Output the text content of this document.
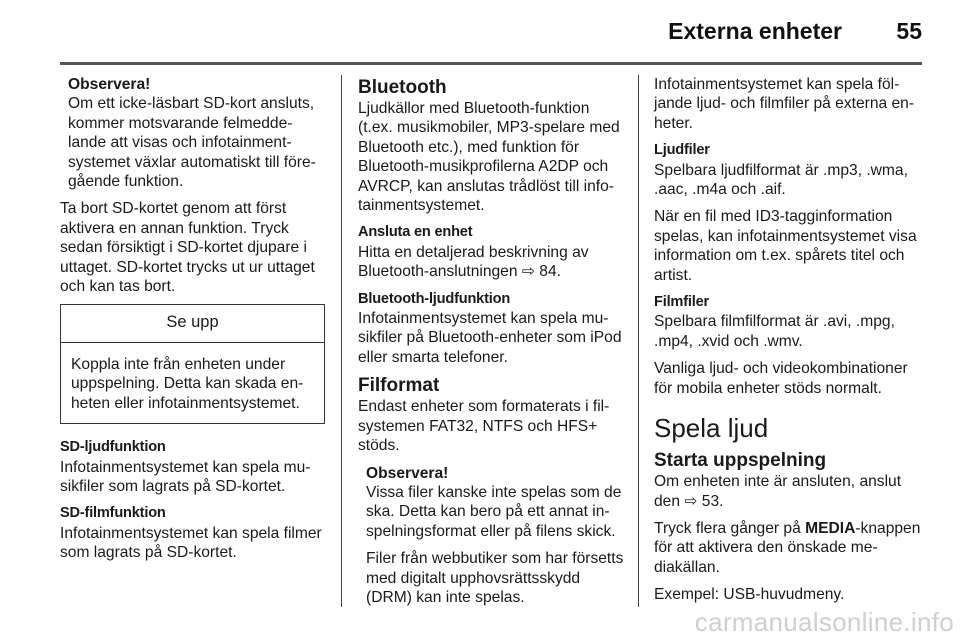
Externa enheter 55

Observera!
Om ett icke-läsbart SD-kort ansluts, kommer motsvarande felmeddelande att visas och infotainmentsystemet växlar automatiskt till föregående funktion.

Ta bort SD-kortet genom att först aktivera en annan funktion. Tryck sedan försiktigt i SD-kortet djupare i uttaget. SD-kortet trycks ut ur uttaget och kan tas bort.

Se upp
Koppla inte från enheten under uppspelning. Detta kan skada enheten eller infotainmentsystemet.

SD-ljudfunktion
Infotainmentsystemet kan spela musikfiler som lagrats på SD-kortet.

SD-filmfunktion
Infotainmentsystemet kan spela filmer som lagrats på SD-kortet.

Bluetooth
Ljudkällor med Bluetooth-funktion (t.ex. musikmobiler, MP3-spelare med Bluetooth etc.), med funktion för Bluetooth-musikprofilerna A2DP och AVRCP, kan anslutas trådlöst till infotainmentsystemet.

Ansluta en enhet
Hitta en detaljerad beskrivning av Bluetooth-anslutningen ⇨ 84.

Bluetooth-ljudfunktion
Infotainmentsystemet kan spela musikfiler på Bluetooth-enheter som iPod eller smarta telefoner.

Filformat
Endast enheter som formaterats i filsystemen FAT32, NTFS och HFS+ stöds.

Observera!
Vissa filer kanske inte spelas som de ska. Detta kan bero på ett annat inspelningsformat eller på filens skick.

Filer från webbutiker som har försetts med digitalt upphovsrättsskydd (DRM) kan inte spelas.

Infotainmentsystemet kan spela följande ljud- och filmfiler på externa enheter.

Ljudfiler
Spelbara ljudfilformat är .mp3, .wma, .aac, .m4a och .aif.

När en fil med ID3-tagginformation spelas, kan infotainmentsystemet visa information om t.ex. spårets titel och artist.

Filmfiler
Spelbara filmfilformat är .avi, .mpg, .mp4, .xvid och .wmv.

Vanliga ljud- och videokombinationer för mobila enheter stöds normalt.

Spela ljud

Starta uppspelning
Om enheten inte är ansluten, anslut den ⇨ 53.

Tryck flera gånger på MEDIA-knappen för att aktivera den önskade mediakällan.

Exempel: USB-huvudmeny.

carmanualsonline.info
